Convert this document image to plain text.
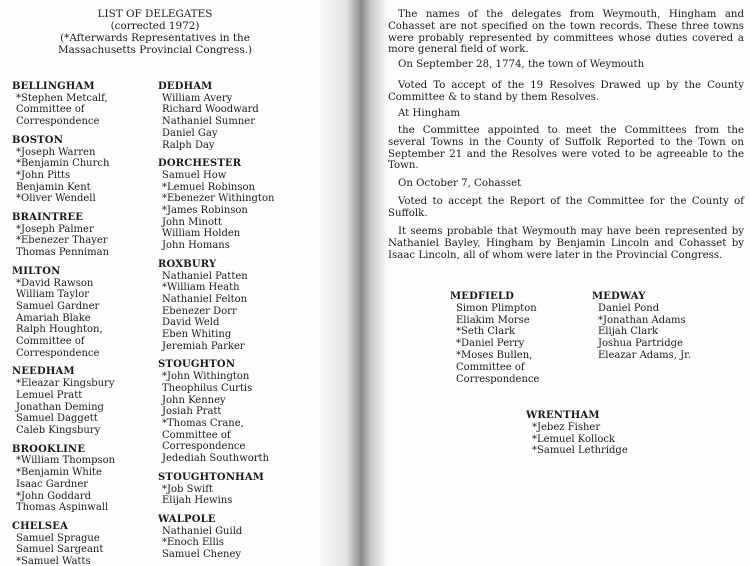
LIST OF DELEGATES
(corrected 1972)
(*Afterwards Representatives in the
Massachusetts Provincial Congress.)
BELLINGHAM
*Stephen Metcalf,
Committee of
Correspondence
BOSTON
*Joseph Warren
*Benjamin Church
*John Pitts
Benjamin Kent
*Oliver Wendell
BRAINTREE
*Joseph Palmer
*Ebenezer Thayer
Thomas Penniman
MILTON
*David Rawson
William Taylor
Samuel Gardner
Amariah Blake
Ralph Houghton,
Committee of
Correspondence
NEEDHAM
*Eleazar Kingsbury
Lemuel Pratt
Jonathan Deming
Samuel Daggett
Caleb Kingsbury
BROOKLINE
*William Thompson
*Benjamin White
Isaac Gardner
*John Goddard
Thomas Aspinwall
CHELSEA
Samuel Sprague
Samuel Sargeant
*Samuel Watts
DEDHAM
William Avery
Richard Woodward
Nathaniel Sumner
Daniel Gay
Ralph Day
DORCHESTER
Samuel How
*Lemuel Robinson
*Ebenezer Withington
*James Robinson
John Minott
William Holden
John Homans
ROXBURY
Nathaniel Patten
*William Heath
Nathaniel Felton
Ebenezer Dorr
David Weld
Eben Whiting
Jeremiah Parker
STOUGHTON
*John Withington
Theophilus Curtis
John Kenney
Josiah Pratt
*Thomas Crane,
Committee of
Correspondence
Jedediah Southworth
STOUGHTONHAM
*Job Swift
Elijah Hewins
WALPOLE
Nathaniel Guild
*Enoch Ellis
Samuel Cheney
The names of the delegates from Weymouth, Hingham and Cohasset are not specified on the town records. These three towns were probably represented by committees whose duties covered a more general field of work.
On September 28, 1774, the town of Weymouth
Voted To accept of the 19 Resolves Drawed up by the County Committee & to stand by them Resolves.
At Hingham
the Committee appointed to meet the Committees from the several Towns in the County of Suffolk Reported to the Town on September 21 and the Resolves were voted to be agreeable to the Town.
On October 7, Cohasset
Voted to accept the Report of the Committee for the County of Suffolk.
It seems probable that Weymouth may have been represented by Nathaniel Bayley, Hingham by Benjamin Lincoln and Cohasset by Isaac Lincoln, all of whom were later in the Provincial Congress.
MEDFIELD
Simon Plimpton
Eliakim Morse
*Seth Clark
*Daniel Perry
*Moses Bullen,
Committee of
Correspondence
MEDWAY
Daniel Pond
*Jonathan Adams
Elijah Clark
Joshua Partridge
Eleazar Adams, Jr.
WRENTHAM
*Jebez Fisher
*Lemuel Kollock
*Samuel Lethridge
